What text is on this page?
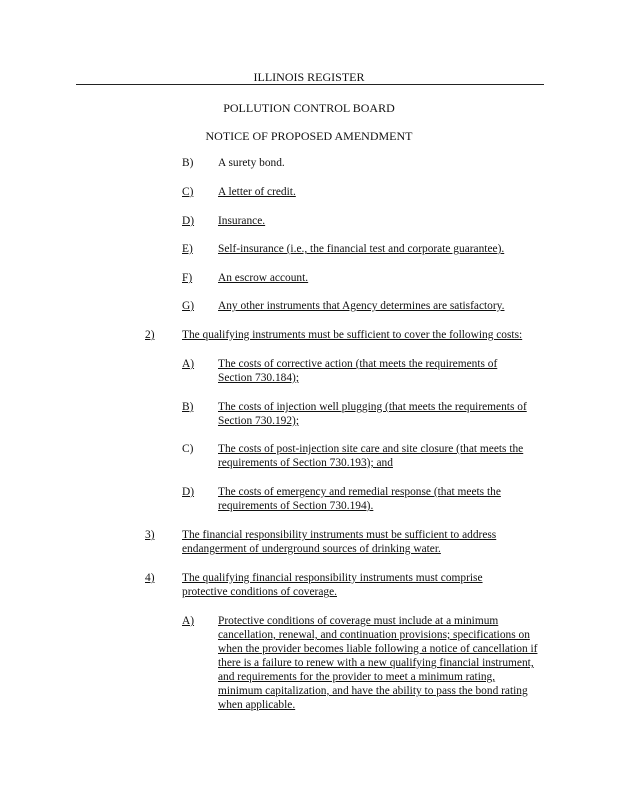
ILLINOIS REGISTER
POLLUTION CONTROL BOARD
NOTICE OF PROPOSED AMENDMENT
B)	A surety bond.
C)	A letter of credit.
D)	Insurance.
E)	Self-insurance (i.e., the financial test and corporate guarantee).
F)	An escrow account.
G)	Any other instruments that Agency determines are satisfactory.
2)	The qualifying instruments must be sufficient to cover the following costs:
A)	The costs of corrective action (that meets the requirements of Section 730.184);
B)	The costs of injection well plugging (that meets the requirements of Section 730.192);
C)	The costs of post-injection site care and site closure (that meets the requirements of Section 730.193); and
D)	The costs of emergency and remedial response (that meets the requirements of Section 730.194).
3)	The financial responsibility instruments must be sufficient to address endangerment of underground sources of drinking water.
4)	The qualifying financial responsibility instruments must comprise protective conditions of coverage.
A)	Protective conditions of coverage must include at a minimum cancellation, renewal, and continuation provisions; specifications on when the provider becomes liable following a notice of cancellation if there is a failure to renew with a new qualifying financial instrument, and requirements for the provider to meet a minimum rating, minimum capitalization, and have the ability to pass the bond rating when applicable.
